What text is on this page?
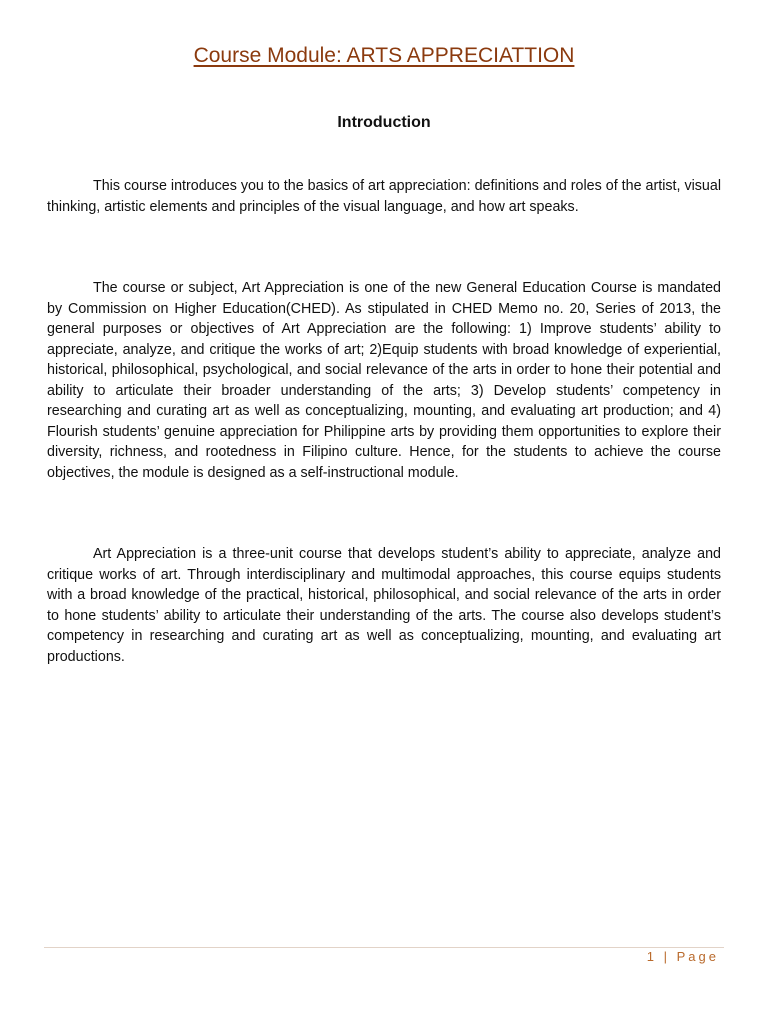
Course Module: ARTS APPRECIATTION
Introduction

This course introduces you to the basics of art appreciation: definitions and roles of the artist, visual thinking, artistic elements and principles of the visual language, and how art speaks.

The course or subject, Art Appreciation is one of the new General Education Course is mandated by Commission on Higher Education(CHED). As stipulated in CHED Memo no. 20, Series of 2013, the general purposes or objectives of Art Appreciation are the following: 1) Improve students’ ability to appreciate, analyze, and critique the works of art; 2)Equip students with broad knowledge of experiential, historical, philosophical, psychological, and social relevance of the arts in order to hone their potential and ability to articulate their broader understanding of the arts; 3) Develop students’ competency in researching and curating art as well as conceptualizing, mounting, and evaluating art production; and 4) Flourish students’ genuine appreciation for Philippine arts by providing them opportunities to explore their diversity, richness, and rootedness in Filipino culture. Hence, for the students to achieve the course objectives, the module is designed as a self-instructional module.

Art Appreciation is a three-unit course that develops student’s ability to appreciate, analyze and critique works of art. Through interdisciplinary and multimodal approaches, this course equips students with a broad knowledge of the practical, historical, philosophical, and social relevance of the arts in order to hone students’ ability to articulate their understanding of the arts. The course also develops student’s competency in researching and curating art as well as conceptualizing, mounting, and evaluating art productions.

1 | Page
